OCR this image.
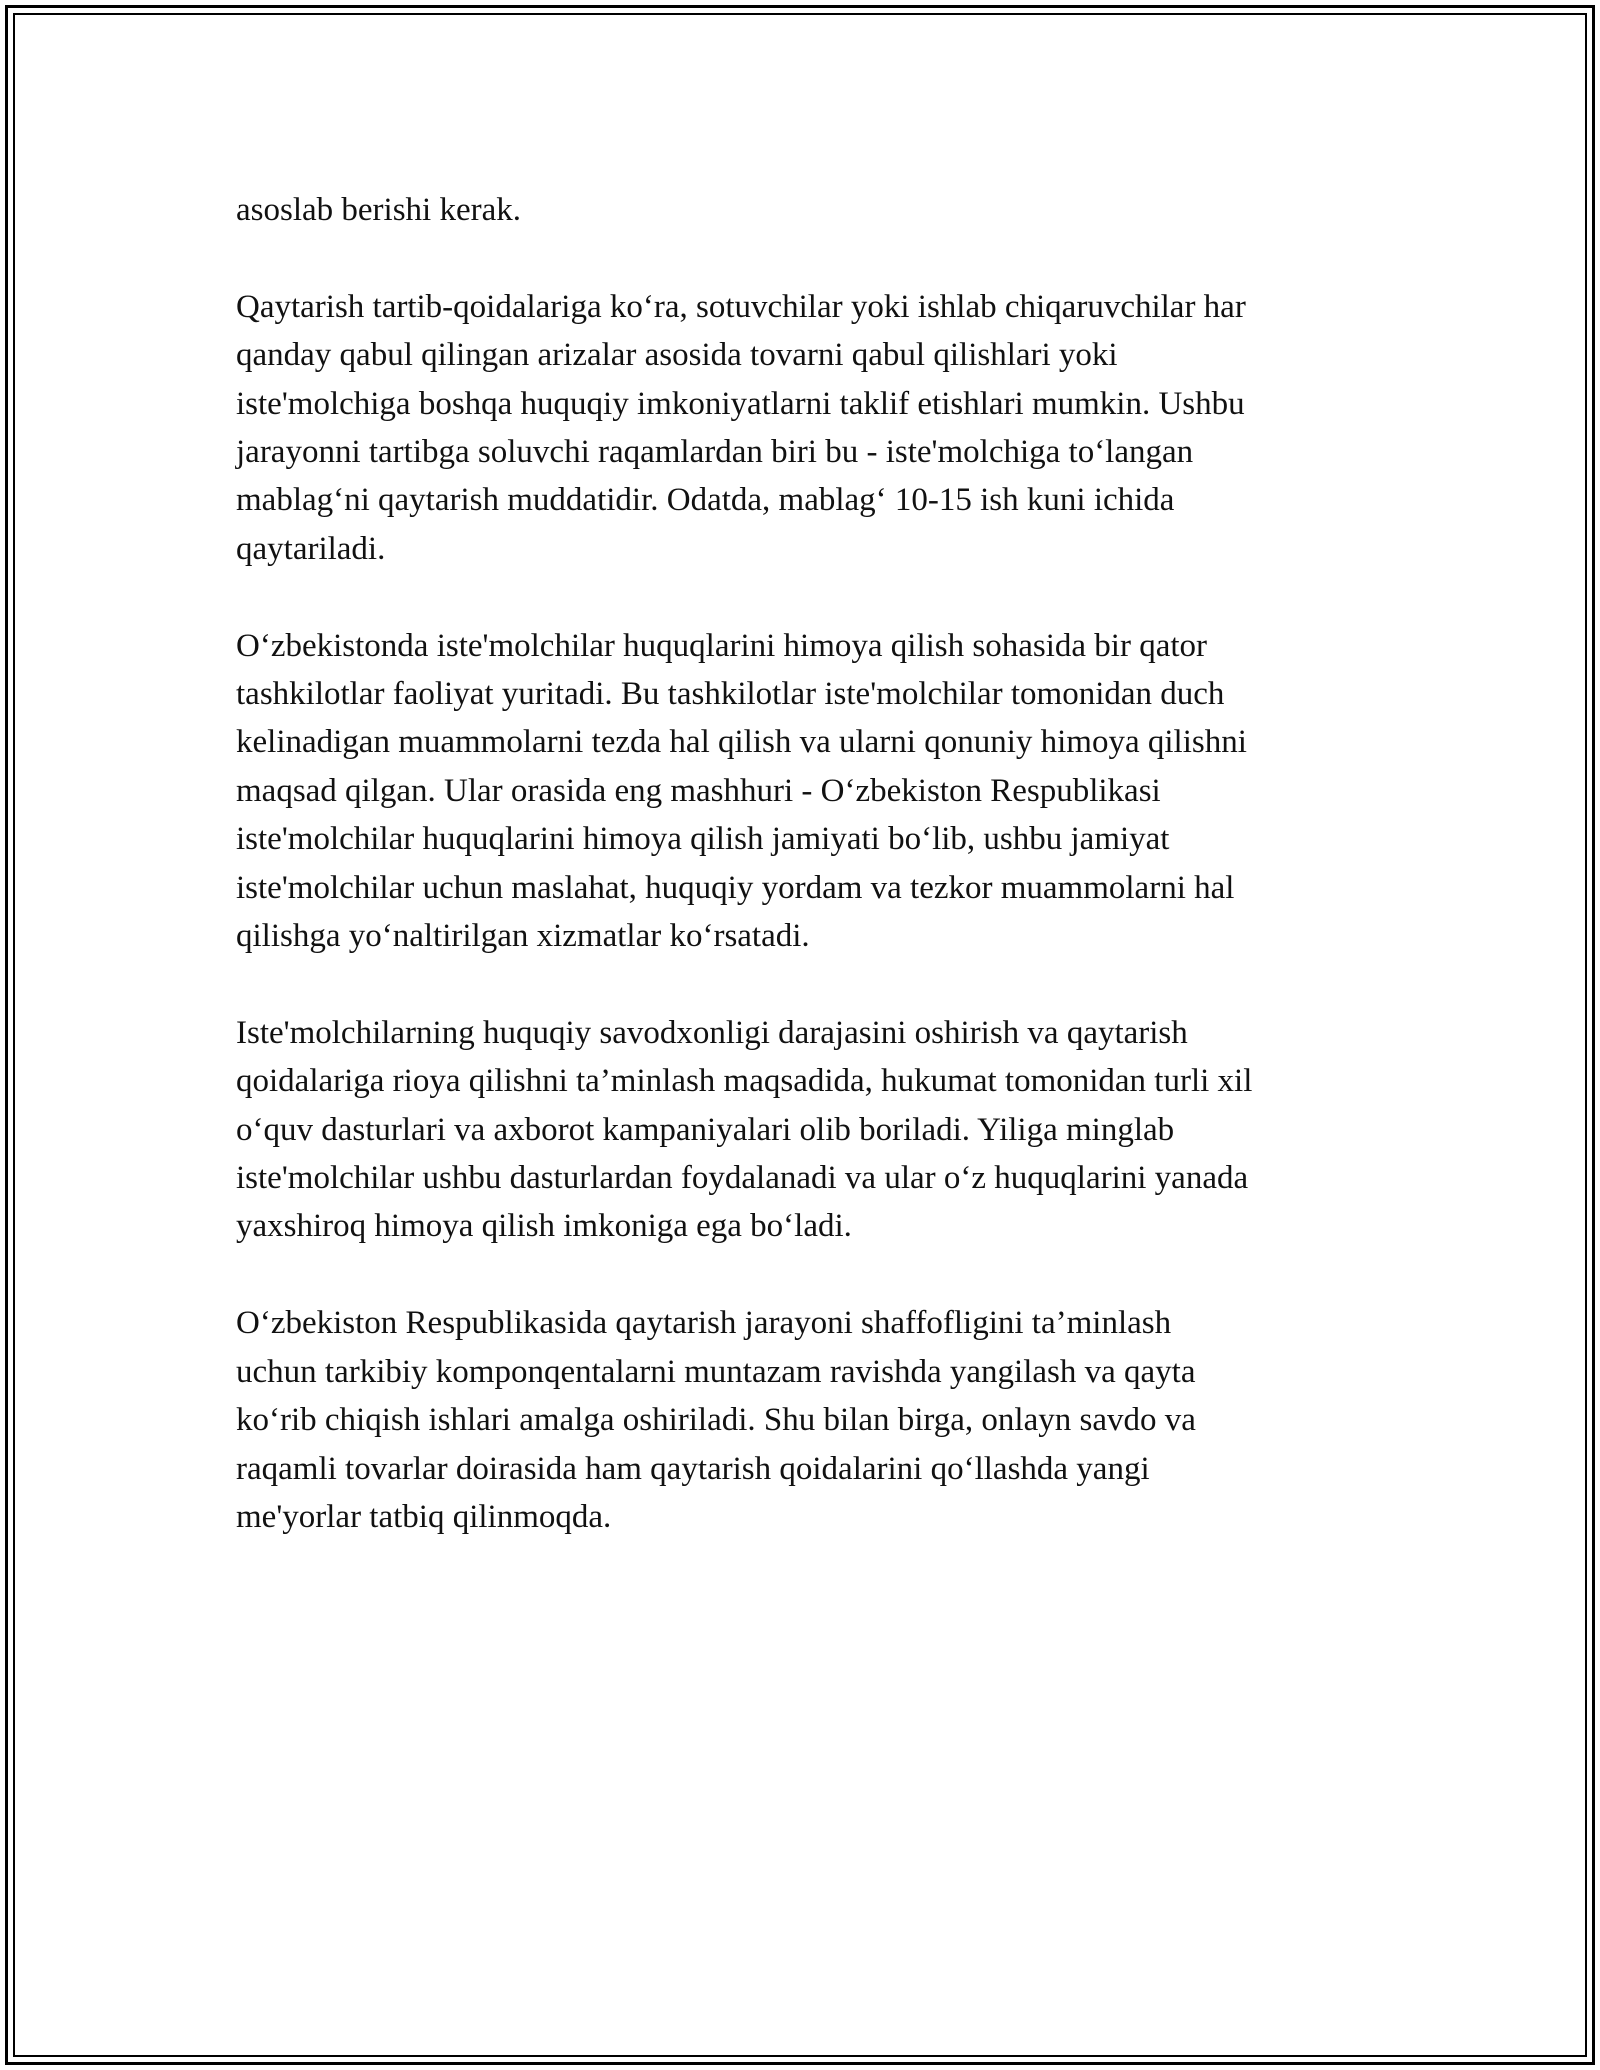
asoslab berishi kerak.

Qaytarish tartib-qoidalariga ko‘ra, sotuvchilar yoki ishlab chiqaruvchilar har
qanday qabul qilingan arizalar asosida tovarni qabul qilishlari yoki
iste'molchiga boshqa huquqiy imkoniyatlarni taklif etishlari mumkin. Ushbu
jarayonni tartibga soluvchi raqamlardan biri bu - iste'molchiga to‘langan
mablag‘ni qaytarish muddatidir. Odatda, mablag‘ 10-15 ish kuni ichida
qaytariladi.

O‘zbekistonda iste'molchilar huquqlarini himoya qilish sohasida bir qator
tashkilotlar faoliyat yuritadi. Bu tashkilotlar iste'molchilar tomonidan duch
kelinadigan muammolarni tezda hal qilish va ularni qonuniy himoya qilishni
maqsad qilgan. Ular orasida eng mashhuri - O‘zbekiston Respublikasi
iste'molchilar huquqlarini himoya qilish jamiyati bo‘lib, ushbu jamiyat
iste'molchilar uchun maslahat, huquqiy yordam va tezkor muammolarni hal
qilishga yo‘naltirilgan xizmatlar ko‘rsatadi.

Iste'molchilarning huquqiy savodxonligi darajasini oshirish va qaytarish
qoidalariga rioya qilishni ta’minlash maqsadida, hukumat tomonidan turli xil
o‘quv dasturlari va axborot kampaniyalari olib boriladi. Yiliga minglab
iste'molchilar ushbu dasturlardan foydalanadi va ular o‘z huquqlarini yanada
yaxshiroq himoya qilish imkoniga ega bo‘ladi.

O‘zbekiston Respublikasida qaytarish jarayoni shaffofligini ta’minlash
uchun tarkibiy komponqentalarni muntazam ravishda yangilash va qayta
ko‘rib chiqish ishlari amalga oshiriladi. Shu bilan birga, onlayn savdo va
raqamli tovarlar doirasida ham qaytarish qoidalarini qo‘llashda yangi
me'yorlar tatbiq qilinmoqda.
